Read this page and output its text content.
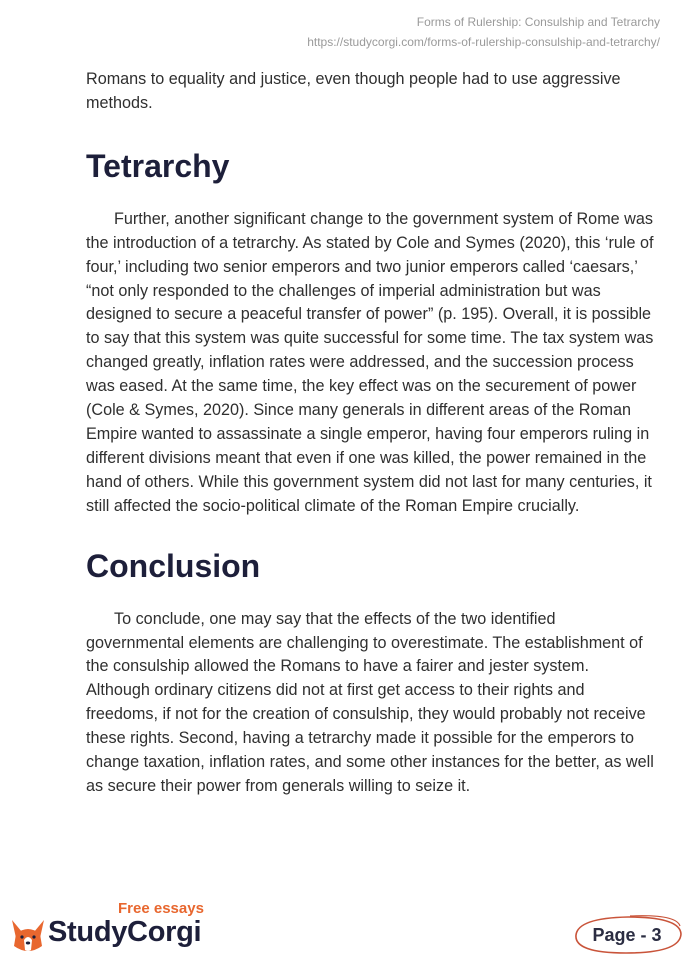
Forms of Rulership: Consulship and Tetrarchy
https://studycorgi.com/forms-of-rulership-consulship-and-tetrarchy/

Romans to equality and justice, even though people had to use aggressive methods.

Tetrarchy

Further, another significant change to the government system of Rome was the introduction of a tetrarchy. As stated by Cole and Symes (2020), this ‘rule of four,’ including two senior emperors and two junior emperors called ‘caesars,’ “not only responded to the challenges of imperial administration but was designed to secure a peaceful transfer of power” (p. 195). Overall, it is possible to say that this system was quite successful for some time. The tax system was changed greatly, inflation rates were addressed, and the succession process was eased. At the same time, the key effect was on the securement of power (Cole & Symes, 2020). Since many generals in different areas of the Roman Empire wanted to assassinate a single emperor, having four emperors ruling in different divisions meant that even if one was killed, the power remained in the hand of others. While this government system did not last for many centuries, it still affected the socio-political climate of the Roman Empire crucially.

Conclusion

To conclude, one may say that the effects of the two identified governmental elements are challenging to overestimate. The establishment of the consulship allowed the Romans to have a fairer and jester system. Although ordinary citizens did not at first get access to their rights and freedoms, if not for the creation of consulship, they would probably not receive these rights. Second, having a tetrarchy made it possible for the emperors to change taxation, inflation rates, and some other instances for the better, as well as secure their power from generals willing to seize it.

Free essays
StudyCorgi	Page - 3
